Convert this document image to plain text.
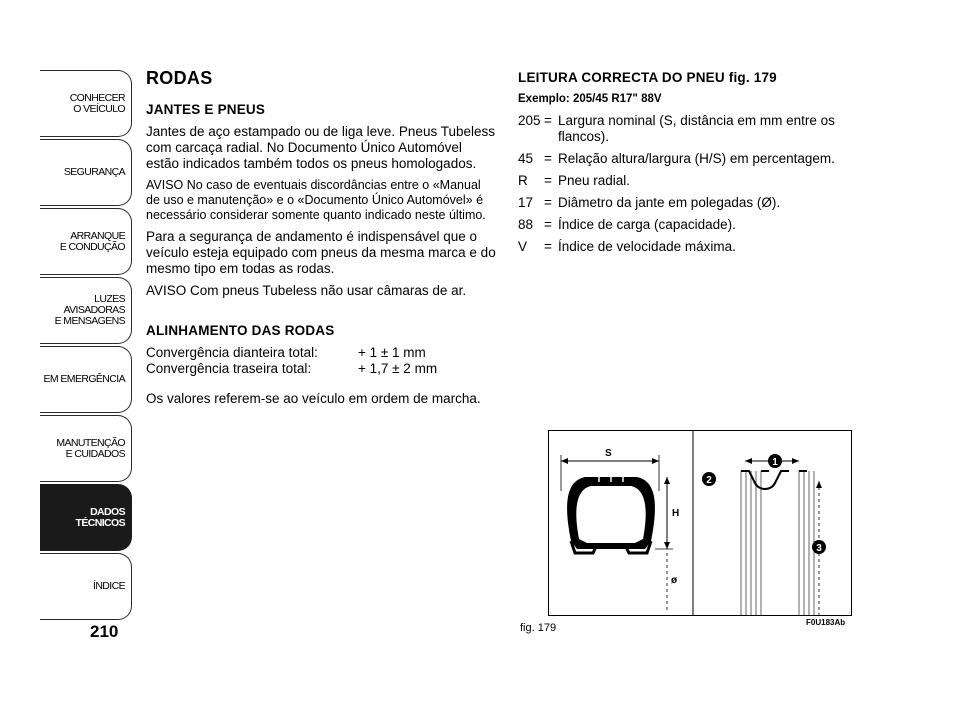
CONHECER
O VEÍCULO
SEGURANÇA
ARRANQUE
E CONDUÇÃO
LUZES
AVISADORAS
E MENSAGENS
EM EMERGÊNCIA
MANUTENÇÃO
E CUIDADOS
DADOS
TÉCNICOS
ÍNDICE
210
RODAS
JANTES E PNEUS
Jantes de aço estampado ou de liga leve. Pneus Tubeless com carcaça radial. No Documento Único Automóvel estão indicados também todos os pneus homologados.
AVISO No caso de eventuais discordâncias entre o «Manual de uso e manutenção» e o «Documento Único Automóvel» é necessário considerar somente quanto indicado neste último.
Para a segurança de andamento é indispensável que o veículo esteja equipado com pneus da mesma marca e do mesmo tipo em todas as rodas.
AVISO Com pneus Tubeless não usar câmaras de ar.
ALINHAMENTO DAS RODAS
Convergência dianteira total:	+ 1 ± 1 mm
Convergência traseira total:	+ 1,7 ± 2 mm
Os valores referem-se ao veículo em ordem de marcha.
LEITURA CORRECTA DO PNEU fig. 179
Exemplo: 205/45 R17" 88V
205 = Largura nominal (S, distância em mm entre os flancos).
45 = Relação altura/largura (H/S) em percentagem.
R	= Pneu radial.
17 = Diâmetro da jante em polegadas (Ø).
88 = Índice de carga (capacidade).
V	= Índice de velocidade máxima.
S
H
ø
1
2
3
fig. 179	F0U183Ab
